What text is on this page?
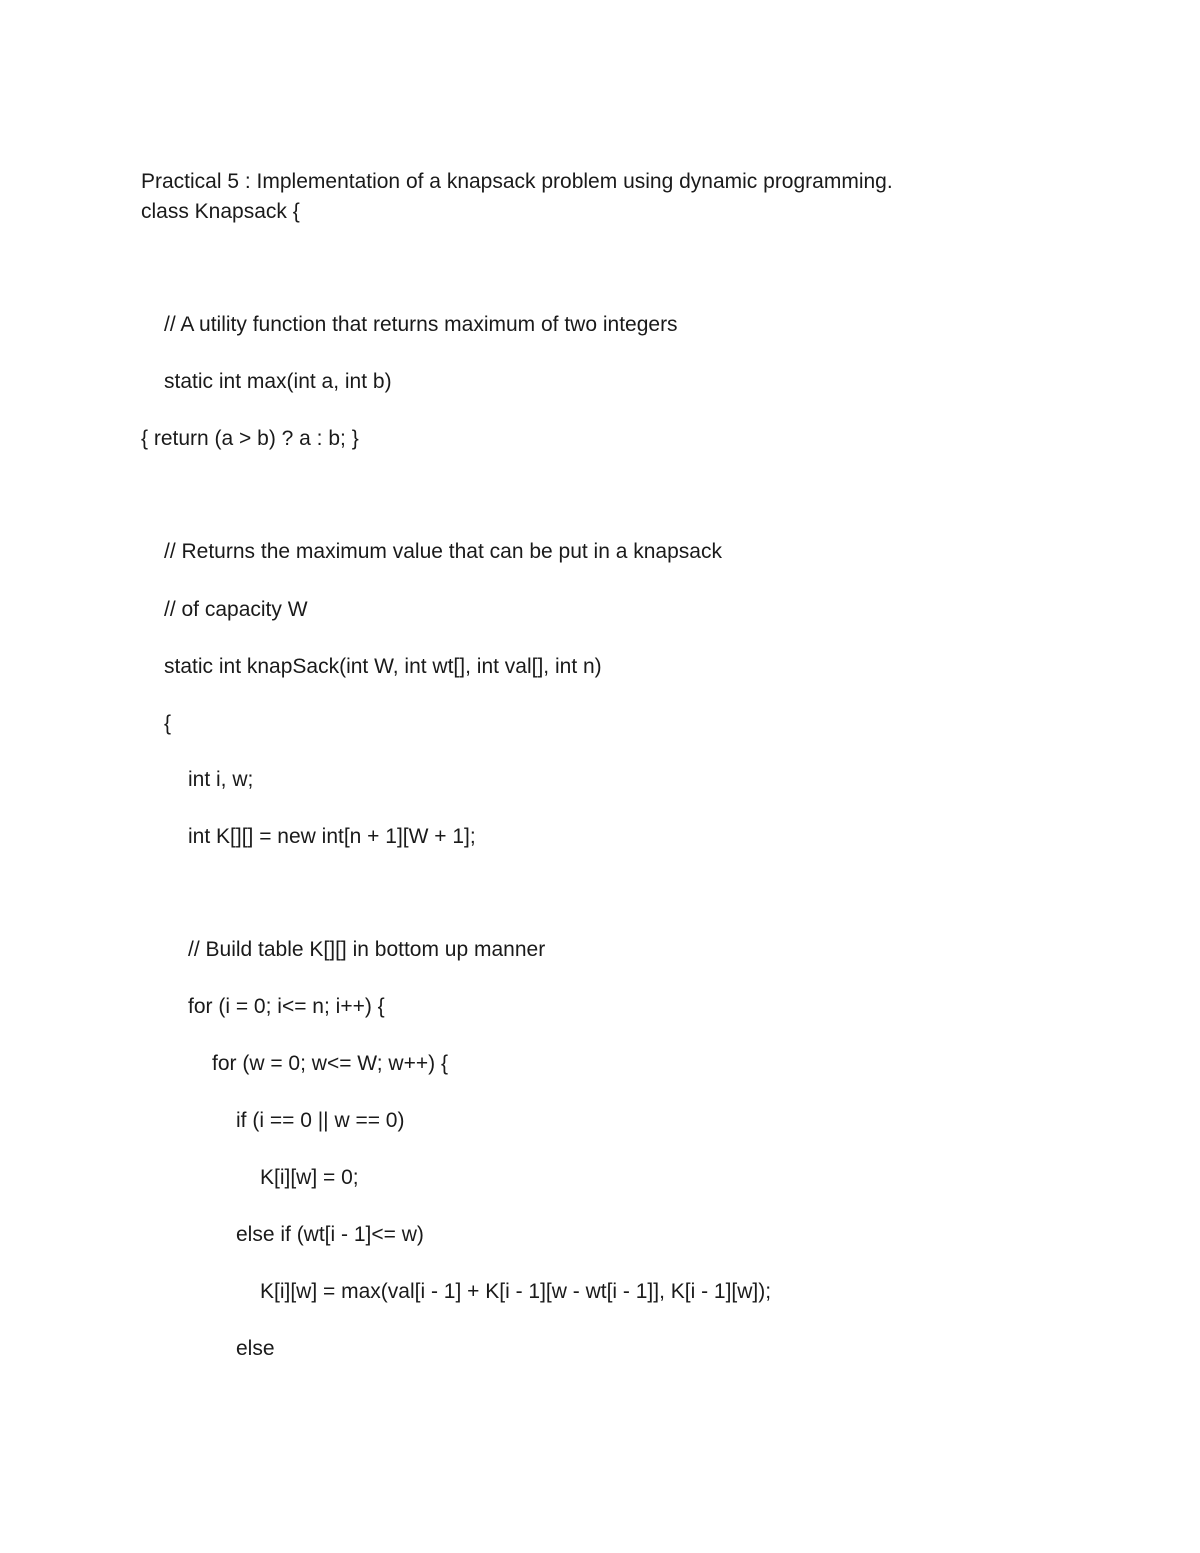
Practical 5 : Implementation of a knapsack problem using dynamic programming.
class Knapsack {
// A utility function that returns maximum of two integers
static int max(int a, int b)
{ return (a > b) ? a : b; }
// Returns the maximum value that can be put in a knapsack
// of capacity W
static int knapSack(int W, int wt[], int val[], int n)
{
int i, w;
int K[][] = new int[n + 1][W + 1];
// Build table K[][] in bottom up manner
for (i = 0; i<= n; i++) {
for (w = 0; w<= W; w++) {
if (i == 0 || w == 0)
K[i][w] = 0;
else if (wt[i - 1]<= w)
K[i][w] = max(val[i - 1] + K[i - 1][w - wt[i - 1]], K[i - 1][w]);
else
